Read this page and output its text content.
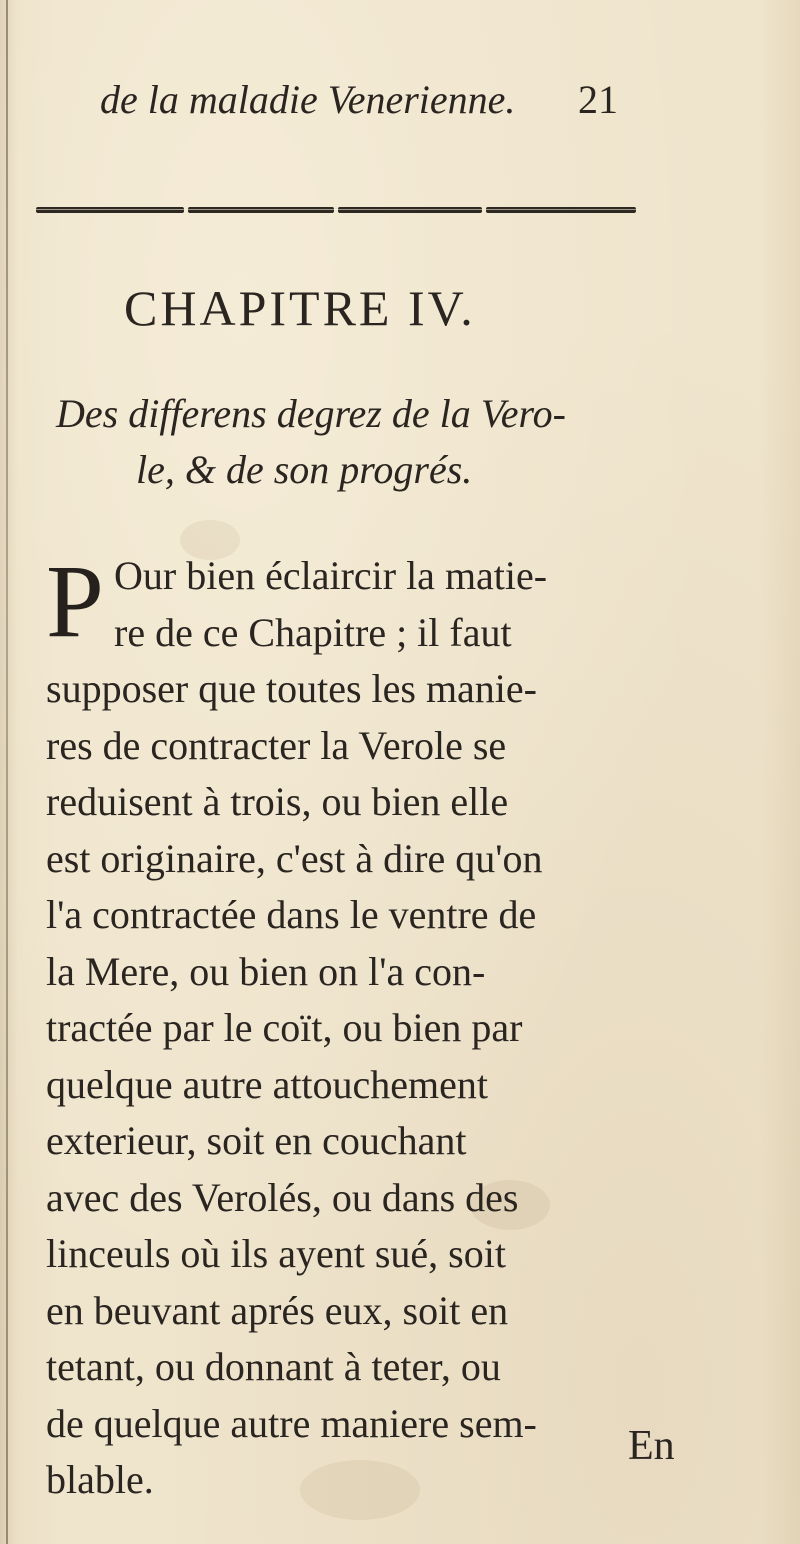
de la maladie Venerienne. 21
CHAPITRE IV.
Des differens degrez de la Vero-
le, & de son progrés.
P Our bien éclaircir la matie-
re de ce Chapitre ; il faut
supposer que toutes les manie-
res de contracter la Verole se
reduisent à trois, ou bien elle
est originaire, c'est à dire qu'on
l'a contractée dans le ventre de
la Mere, ou bien on l'a con-
tractée par le coït, ou bien par
quelque autre attouchement
exterieur, soit en couchant
avec des Verolés, ou dans des
linceuls où ils ayent sué, soit
en beuvant aprés eux, soit en
tetant, ou donnant à teter, ou
de quelque autre maniere sem-
blable.
En
